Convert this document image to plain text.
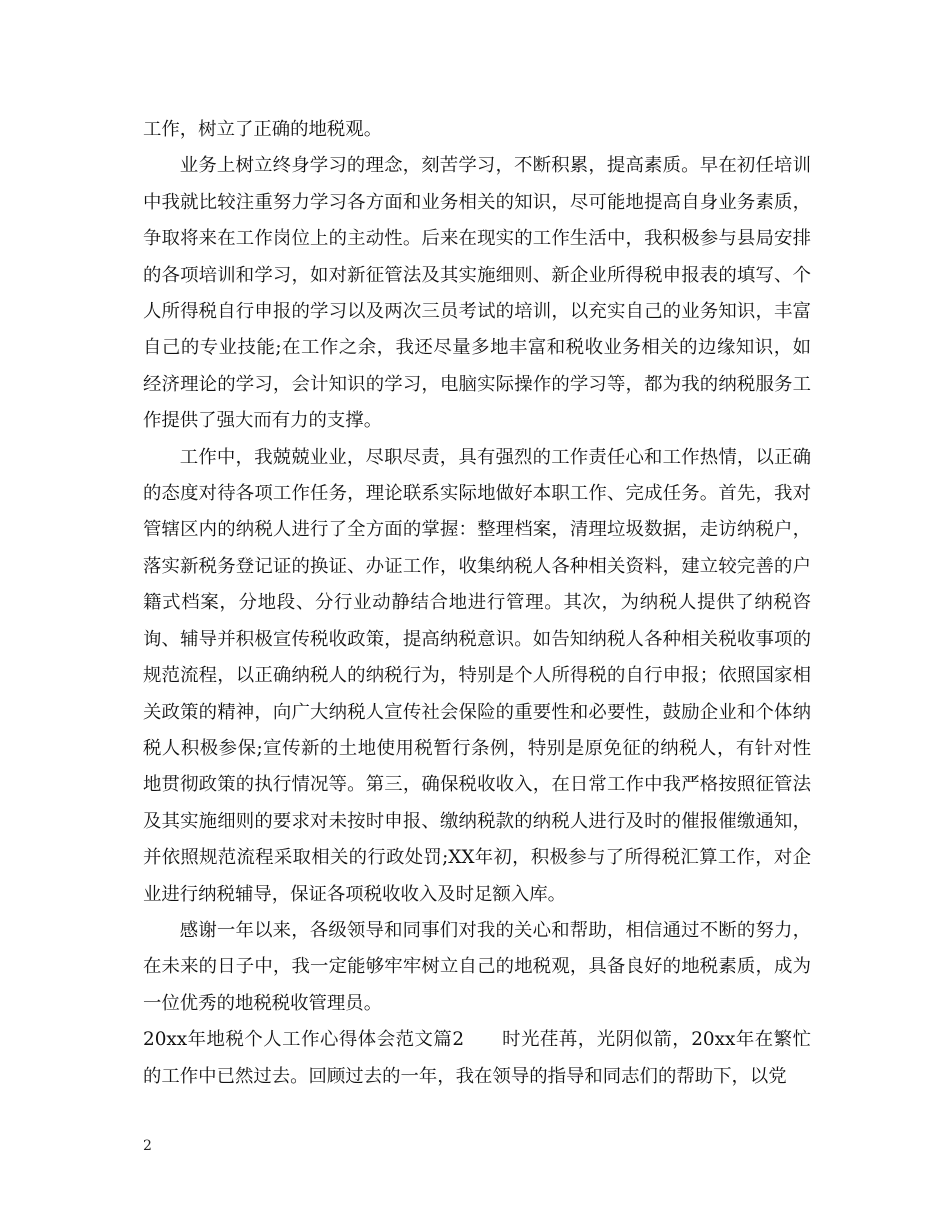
工作，树立了正确的地税观。

业务上树立终身学习的理念，刻苦学习，不断积累，提高素质。早在初任培训中我就比较注重努力学习各方面和业务相关的知识，尽可能地提高自身业务素质，争取将来在工作岗位上的主动性。后来在现实的工作生活中，我积极参与县局安排的各项培训和学习，如对新征管法及其实施细则、新企业所得税申报表的填写、个人所得税自行申报的学习以及两次三员考试的培训，以充实自己的业务知识，丰富自己的专业技能;在工作之余，我还尽量多地丰富和税收业务相关的边缘知识，如经济理论的学习，会计知识的学习，电脑实际操作的学习等，都为我的纳税服务工作提供了强大而有力的支撑。

工作中，我兢兢业业，尽职尽责，具有强烈的工作责任心和工作热情，以正确的态度对待各项工作任务，理论联系实际地做好本职工作、完成任务。首先，我对管辖区内的纳税人进行了全方面的掌握：整理档案，清理垃圾数据，走访纳税户，落实新税务登记证的换证、办证工作，收集纳税人各种相关资料，建立较完善的户籍式档案，分地段、分行业动静结合地进行管理。其次，为纳税人提供了纳税咨询、辅导并积极宣传税收政策，提高纳税意识。如告知纳税人各种相关税收事项的规范流程，以正确纳税人的纳税行为，特别是个人所得税的自行申报；依照国家相关政策的精神，向广大纳税人宣传社会保险的重要性和必要性，鼓励企业和个体纳税人积极参保;宣传新的土地使用税暂行条例，特别是原免征的纳税人，有针对性地贯彻政策的执行情况等。第三，确保税收收入，在日常工作中我严格按照征管法及其实施细则的要求对未按时申报、缴纳税款的纳税人进行及时的催报催缴通知，并依照规范流程采取相关的行政处罚;XX年初，积极参与了所得税汇算工作，对企业进行纳税辅导，保证各项税收收入及时足额入库。

感谢一年以来，各级领导和同事们对我的关心和帮助，相信通过不断的努力，在未来的日子中，我一定能够牢牢树立自己的地税观，具备良好的地税素质，成为一位优秀的地税税收管理员。

20xx年地税个人工作心得体会范文篇2 时光荏苒，光阴似箭，20xx年在繁忙的工作中已然过去。回顾过去的一年，我在领导的指导和同志们的帮助下，以党

2
